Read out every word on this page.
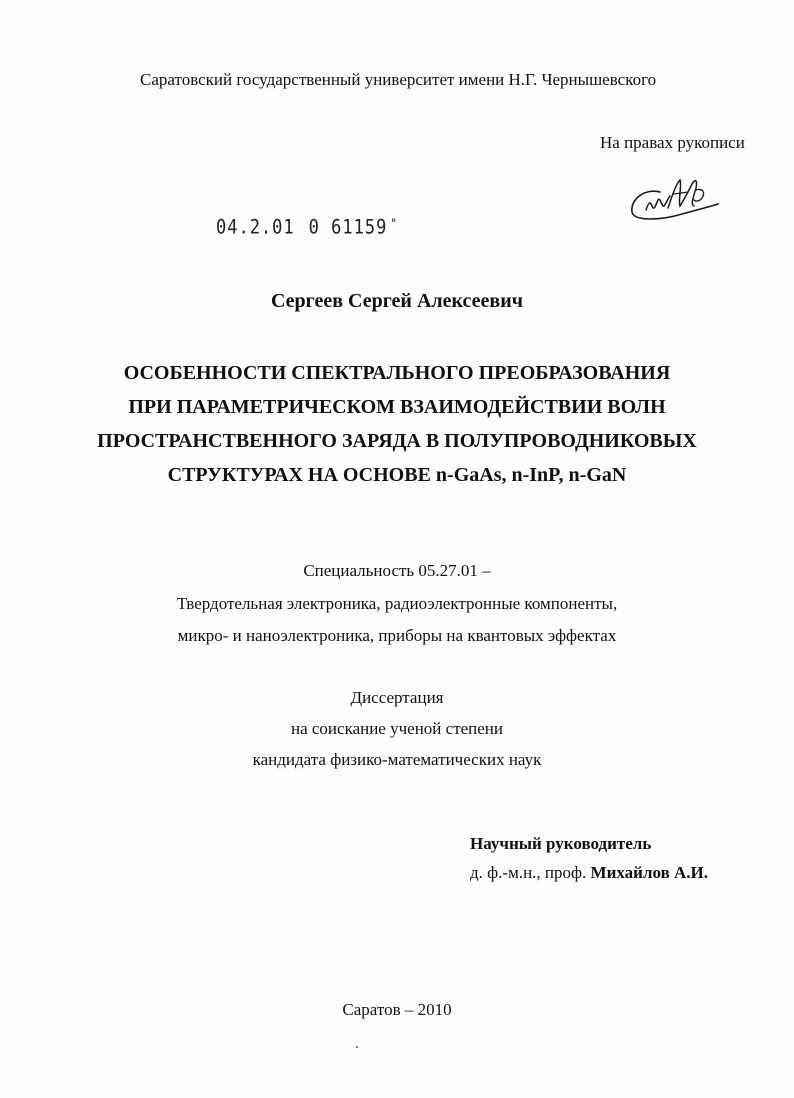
Саратовский государственный университет имени Н.Г. Чернышевского
На правах рукописи
04.2.01 0 61159 "
Сергеев Сергей Алексеевич
ОСОБЕННОСТИ СПЕКТРАЛЬНОГО ПРЕОБРАЗОВАНИЯ
ПРИ ПАРАМЕТРИЧЕСКОМ ВЗАИМОДЕЙСТВИИ ВОЛН
ПРОСТРАНСТВЕННОГО ЗАРЯДА В ПОЛУПРОВОДНИКОВЫХ
СТРУКТУРАХ НА ОСНОВЕ n-GaAs, n-InP, n-GaN
Специальность 05.27.01 –
Твердотельная электроника, радиоэлектронные компоненты,
микро- и наноэлектроника, приборы на квантовых эффектах
Диссертация
на соискание ученой степени
кандидата физико-математических наук
Научный руководитель
д. ф.-м.н., проф. Михайлов А.И.
Саратов – 2010
